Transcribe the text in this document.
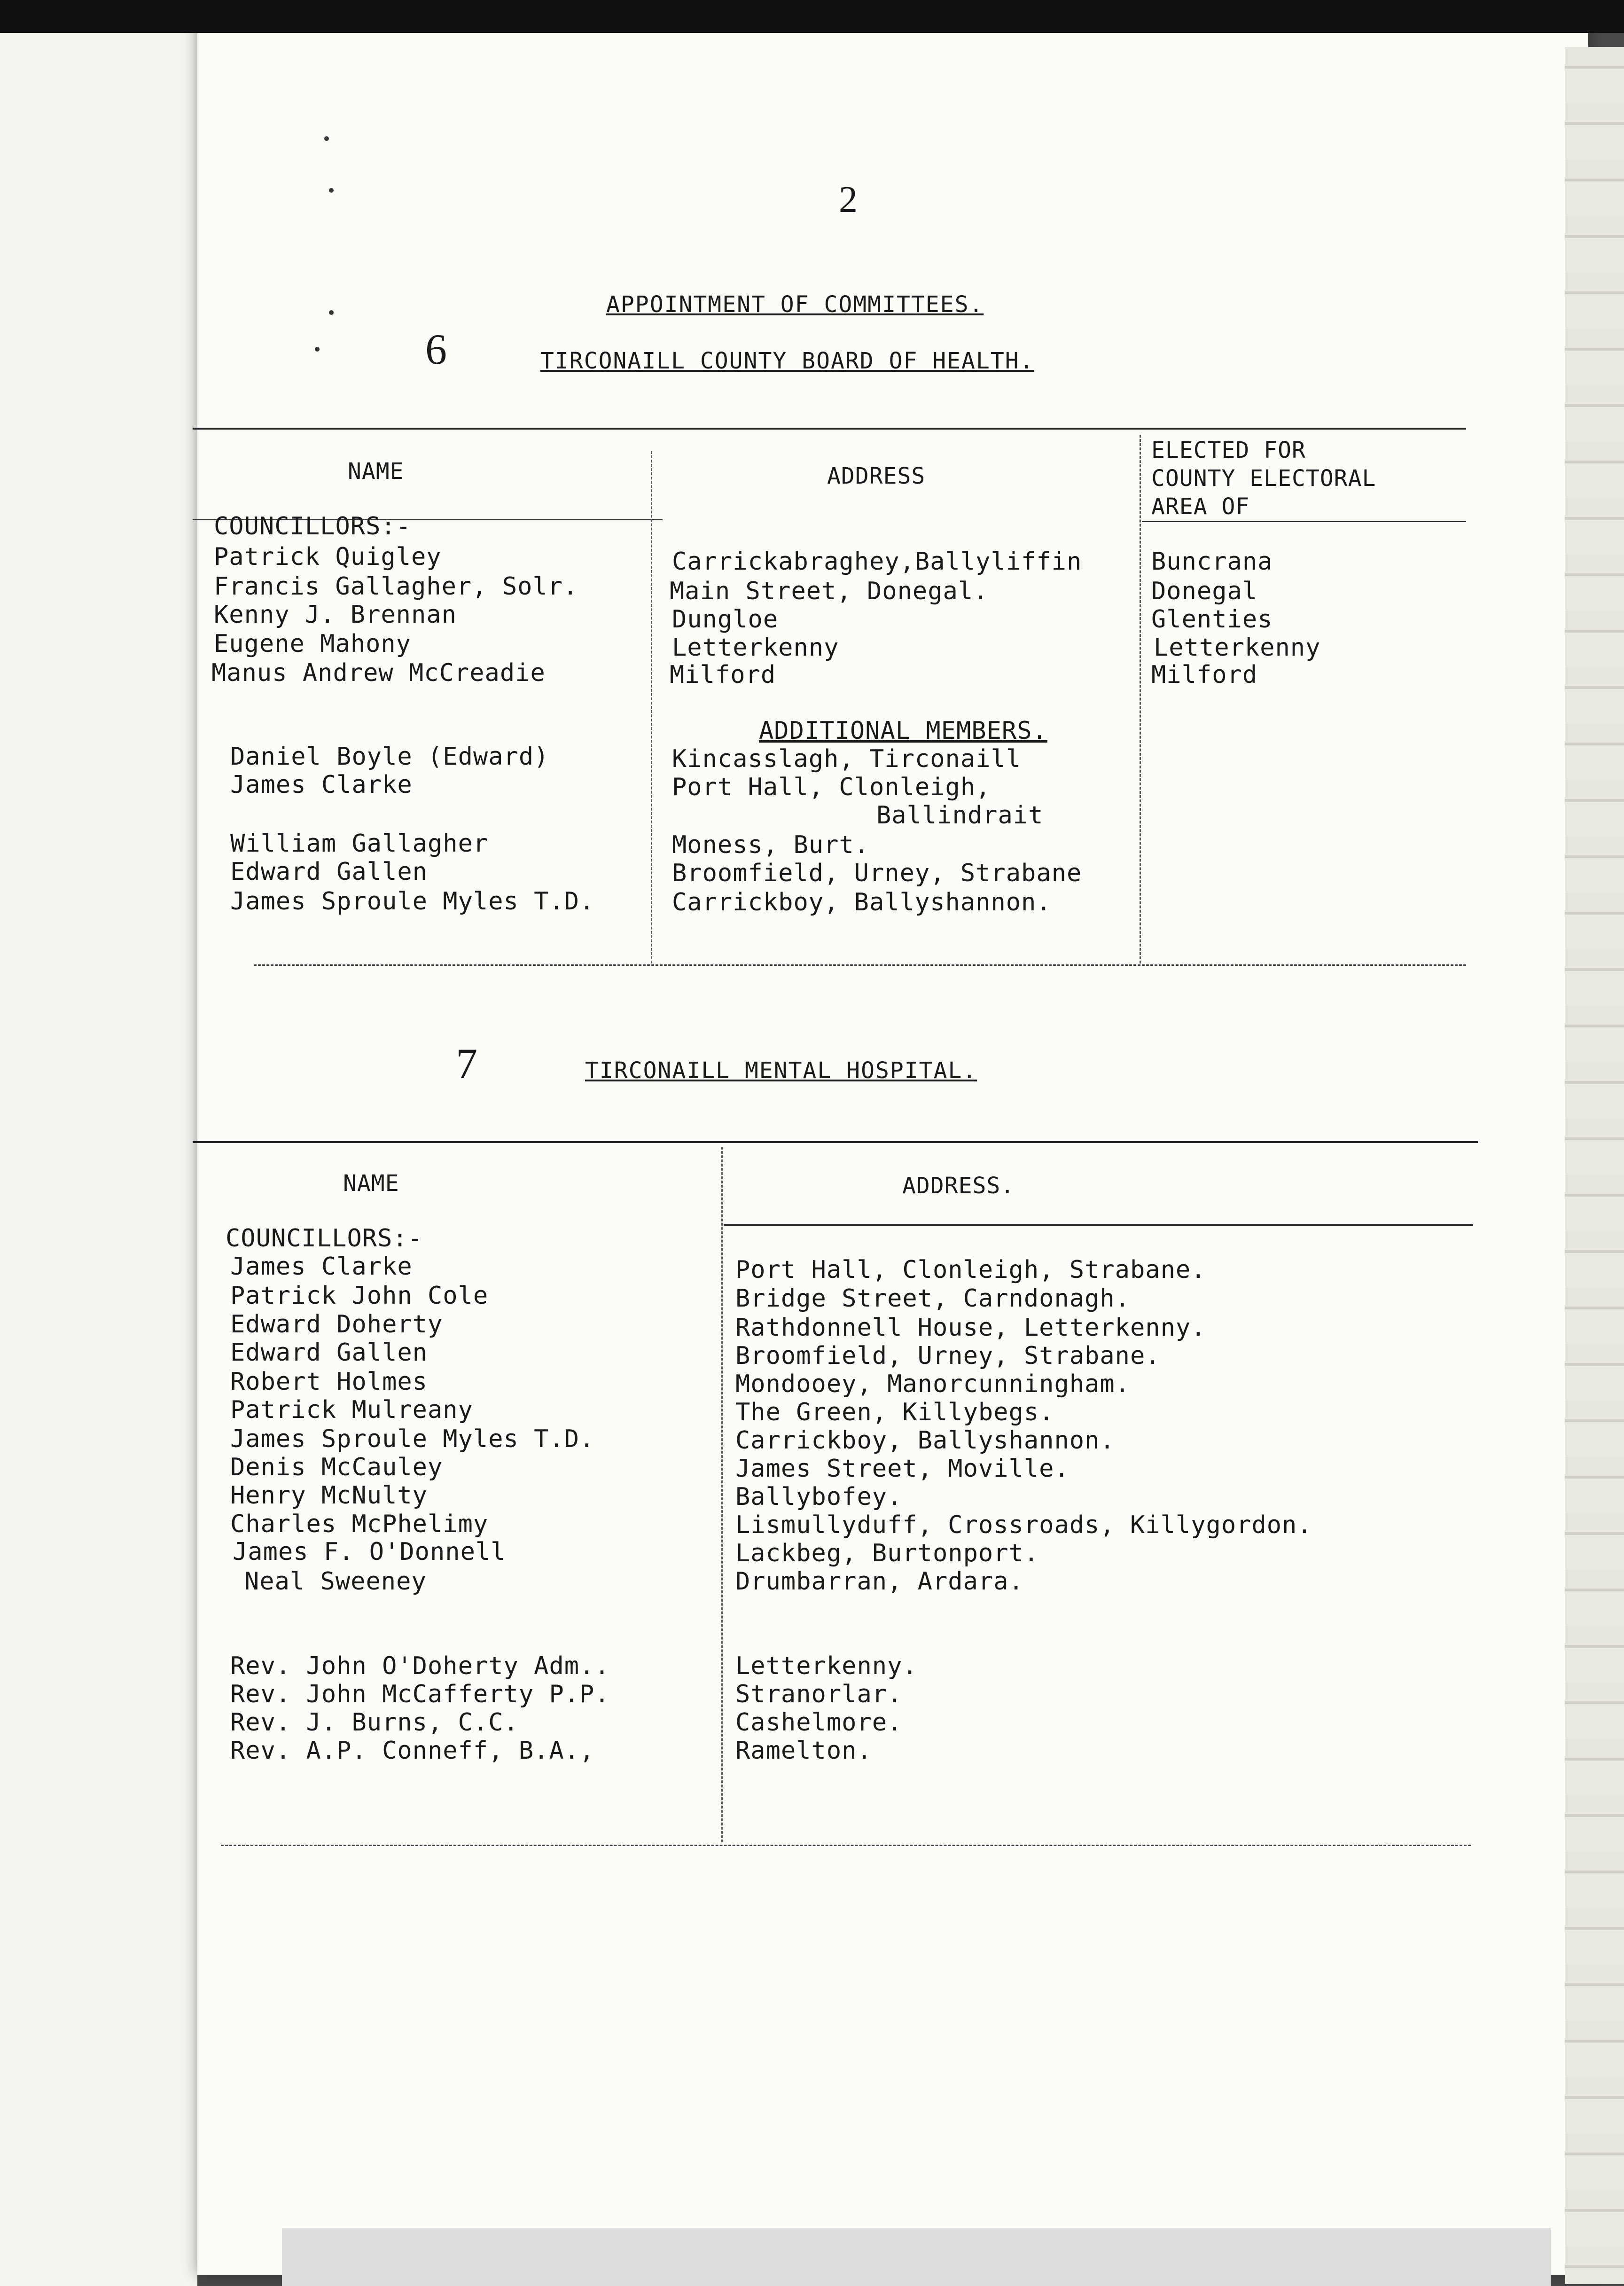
2
APPOINTMENT OF COMMITTEES.
6	TIRCONAILL COUNTY BOARD OF HEALTH.
NAME	ADDRESS
ELECTED FOR
COUNTY ELECTORAL
AREA OF
COUNCILLORS:-
Patrick Quigley	Carrickabraghey,Ballyliffin	Buncrana
Francis Gallagher, Solr.	Main Street, Donegal.	Donegal
Kenny J. Brennan	Dungloe	Glenties
Eugene Mahony	Letterkenny	Letterkenny
Manus Andrew McCreadie	Milford	Milford
ADDITIONAL MEMBERS.
Daniel Boyle (Edward)	Kincasslagh, Tirconaill
James Clarke	Port Hall, Clonleigh,
Ballindrait
William Gallagher	Moness, Burt.
Edward Gallen	Broomfield, Urney, Strabane
James Sproule Myles T.D.	Carrickboy, Ballyshannon.
7	TIRCONAILL MENTAL HOSPITAL.
NAME	ADDRESS.
COUNCILLORS:-
James Clarke	Port Hall, Clonleigh, Strabane.
Patrick John Cole	Bridge Street, Carndonagh.
Edward Doherty	Rathdonnell House, Letterkenny.
Edward Gallen	Broomfield, Urney, Strabane.
Robert Holmes	Mondooey, Manorcunningham.
Patrick Mulreany	The Green, Killybegs.
James Sproule Myles T.D.	Carrickboy, Ballyshannon.
Denis McCauley	James Street, Moville.
Henry McNulty	Ballybofey.
Charles McPhelimy	Lismullyduff, Crossroads, Killygordon.
James F. O'Donnell	Lackbeg, Burtonport.
Neal Sweeney	Drumbarran, Ardara.
Rev. John O'Doherty Adm..	Letterkenny.
Rev. John McCafferty P.P.	Stranorlar.
Rev. J. Burns, C.C.	Cashelmore.
Rev. A.P. Conneff, B.A.,	Ramelton.
